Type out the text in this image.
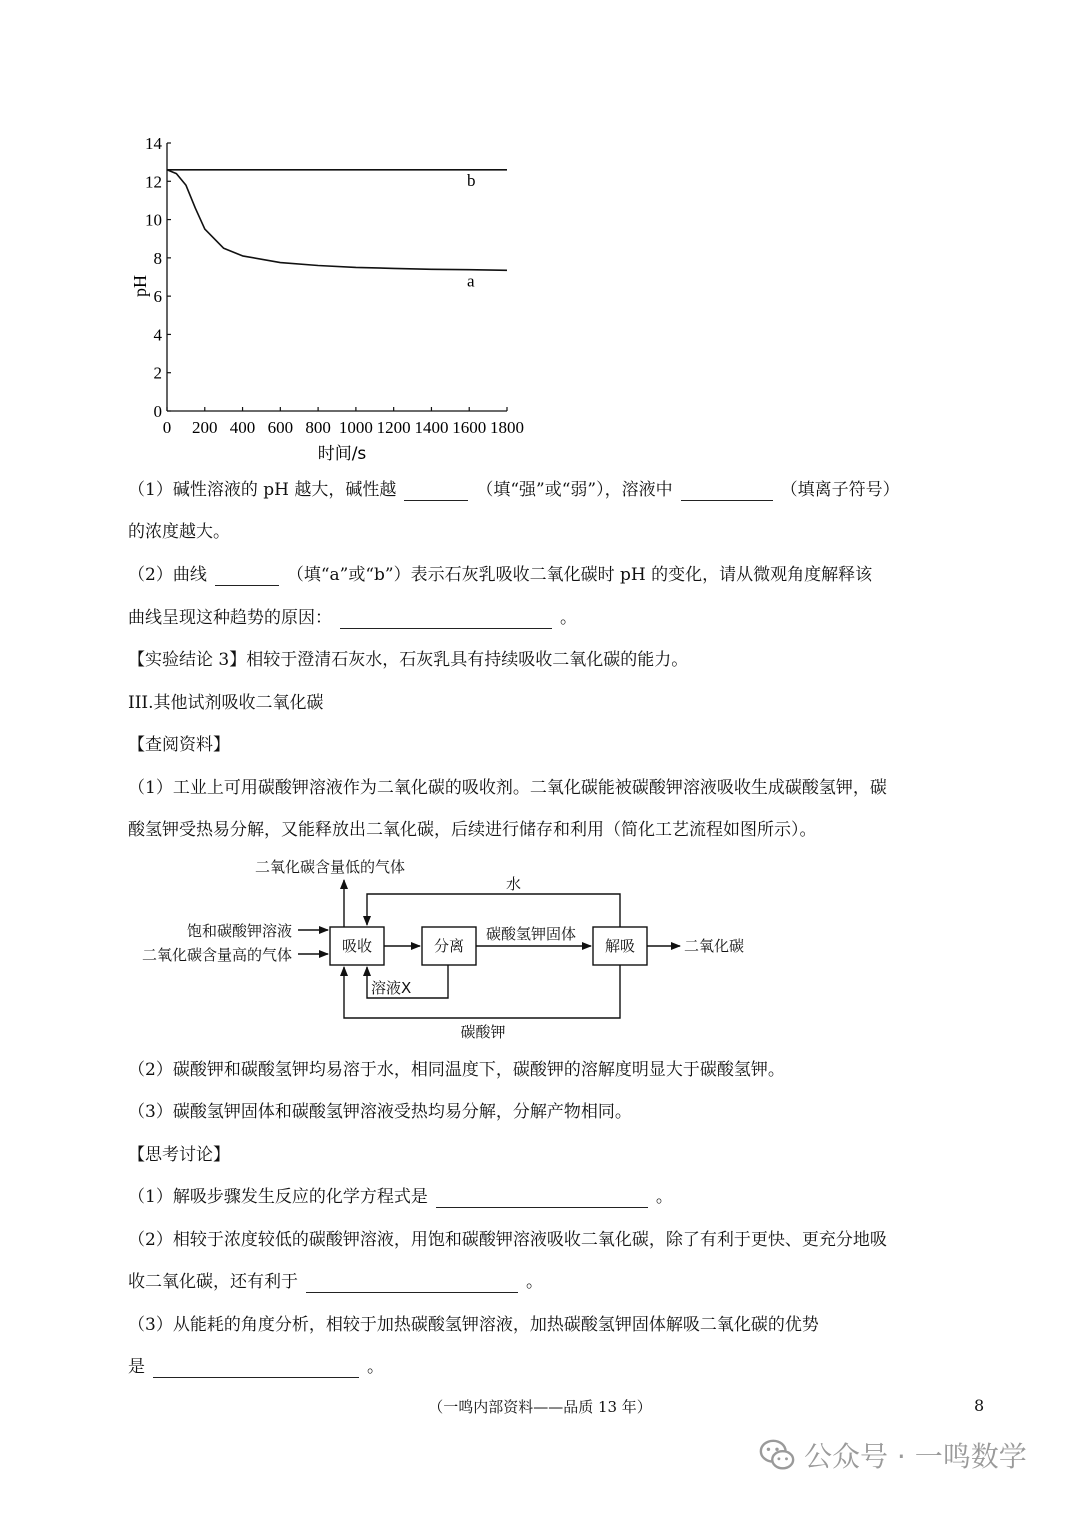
0
2
4
6
8
10
12
14
0 200 400 600 800 1000 1200 1400 1600 1800
b
a
pH
时间/s

（1）碱性溶液的 pH 越大，碱性越	（填“强”或“弱”），溶液中	（填离子符号）

的浓度越大。

（2）曲线	（填“a”或“b”）表示石灰乳吸收二氧化碳时 pH 的变化，请从微观角度解释该

曲线呈现这种趋势的原因：	。

【实验结论 3】相较于澄清石灰水，石灰乳具有持续吸收二氧化碳的能力。

III.其他试剂吸收二氧化碳

【查阅资料】

（1）工业上可用碳酸钾溶液作为二氧化碳的吸收剂。二氧化碳能被碳酸钾溶液吸收生成碳酸氢钾，碳

酸氢钾受热易分解，又能释放出二氧化碳，后续进行储存和利用（简化工艺流程如图所示）。

二氧化碳含量低的气体
水
饱和碳酸钾溶液
二氧化碳含量高的气体	吸收	分离
碳酸氢钾固体
解吸	二氧化碳
溶液X
碳酸钾

（2）碳酸钾和碳酸氢钾均易溶于水，相同温度下，碳酸钾的溶解度明显大于碳酸氢钾。

（3）碳酸氢钾固体和碳酸氢钾溶液受热均易分解，分解产物相同。

【思考讨论】

（1）解吸步骤发生反应的化学方程式是	。

（2）相较于浓度较低的碳酸钾溶液，用饱和碳酸钾溶液吸收二氧化碳，除了有利于更快、更充分地吸

收二氧化碳，还有利于	。

（3）从能耗的角度分析，相较于加热碳酸氢钾溶液，加热碳酸氢钾固体解吸二氧化碳的优势

是	。

（一鸣内部资料——品质 13 年）	8
公众号 · 一鸣数学
